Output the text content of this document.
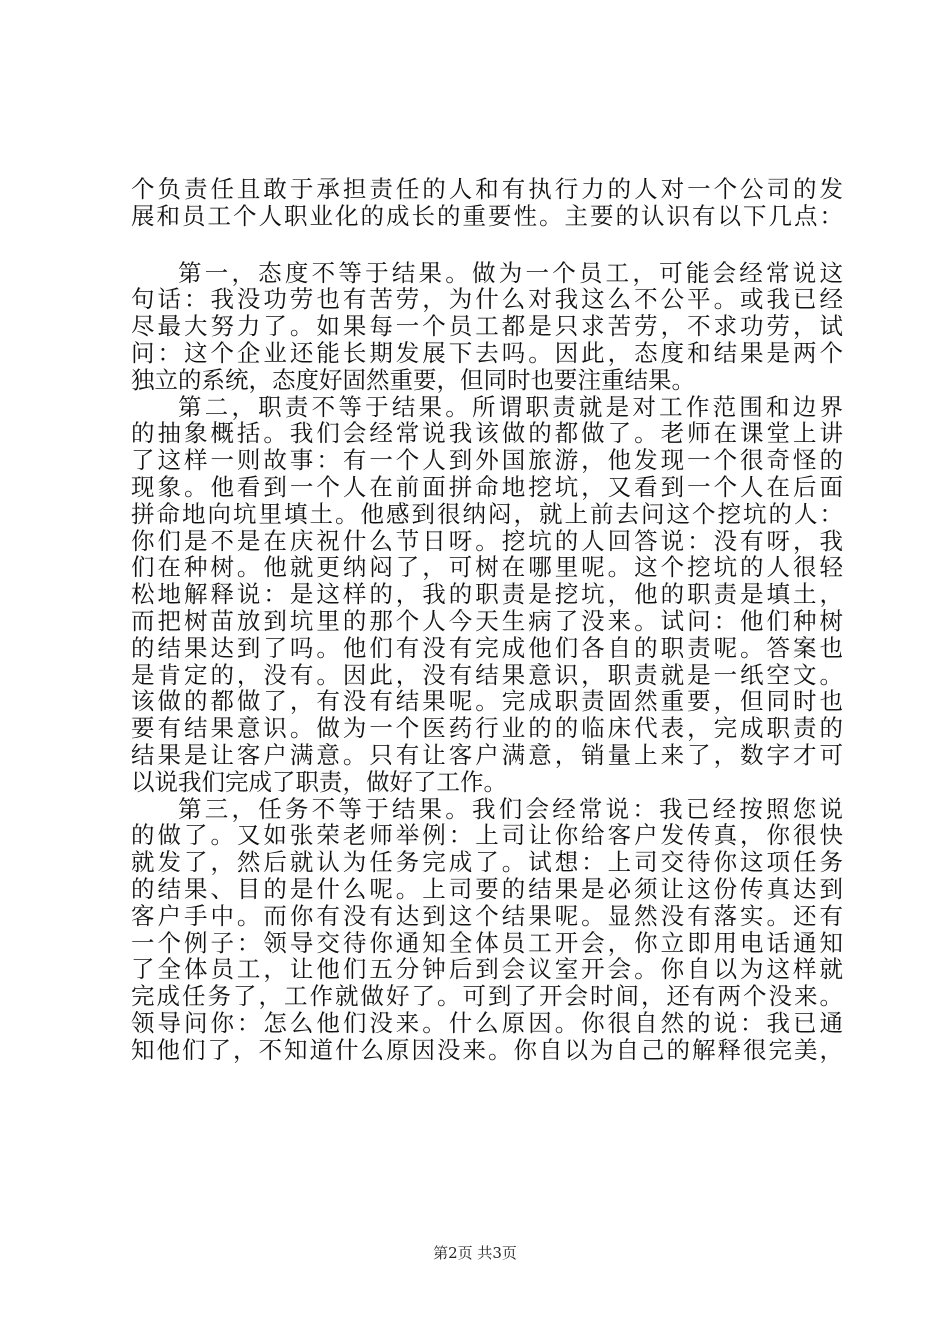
个负责任且敢于承担责任的人和有执行力的人对一个公司的发
展和员工个人职业化的成长的重要性。主要的认识有以下几点：
第一，态度不等于结果。做为一个员工，可能会经常说这
句话：我没功劳也有苦劳，为什么对我这么不公平。或我已经
尽最大努力了。如果每一个员工都是只求苦劳，不求功劳，试
问：这个企业还能长期发展下去吗。因此，态度和结果是两个
独立的系统，态度好固然重要，但同时也要注重结果。
第二，职责不等于结果。所谓职责就是对工作范围和边界
的抽象概括。我们会经常说我该做的都做了。老师在课堂上讲
了这样一则故事：有一个人到外国旅游，他发现一个很奇怪的
现象。他看到一个人在前面拼命地挖坑，又看到一个人在后面
拼命地向坑里填土。他感到很纳闷，就上前去问这个挖坑的人：
你们是不是在庆祝什么节日呀。挖坑的人回答说：没有呀，我
们在种树。他就更纳闷了，可树在哪里呢。这个挖坑的人很轻
松地解释说：是这样的，我的职责是挖坑，他的职责是填土，
而把树苗放到坑里的那个人今天生病了没来。试问：他们种树
的结果达到了吗。他们有没有完成他们各自的职责呢。答案也
是肯定的，没有。因此，没有结果意识，职责就是一纸空文。
该做的都做了，有没有结果呢。完成职责固然重要，但同时也
要有结果意识。做为一个医药行业的的临床代表，完成职责的
结果是让客户满意。只有让客户满意，销量上来了，数字才可
以说我们完成了职责，做好了工作。
第三，任务不等于结果。我们会经常说：我已经按照您说
的做了。又如张荣老师举例：上司让你给客户发传真，你很快
就发了，然后就认为任务完成了。试想：上司交待你这项任务
的结果、目的是什么呢。上司要的结果是必须让这份传真达到
客户手中。而你有没有达到这个结果呢。显然没有落实。还有
一个例子：领导交待你通知全体员工开会，你立即用电话通知
了全体员工，让他们五分钟后到会议室开会。你自以为这样就
完成任务了，工作就做好了。可到了开会时间，还有两个没来。
领导问你：怎么他们没来。什么原因。你很自然的说：我已通
知他们了，不知道什么原因没来。你自以为自己的解释很完美，
第2页 共3页
